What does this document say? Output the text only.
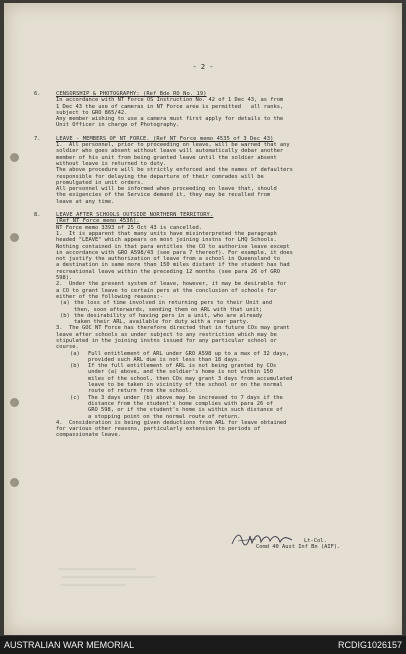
- 2 -
6.	CENSORSHIP & PHOTOGRAPHY: (Ref Bde RO No. 19)
In accordance with NT Force OS Instruction No. 42 of 1 Dec 43, as from
1 Dec 43 the use of cameras in NT Force area is permitted   all ranks,
subject to GRO 865/42.
Any member wishing to use a camera must first apply for details to the
Unit Officer in charge of Photography.
7.	LEAVE - MEMBERS OF NT FORCE. (Ref NT Force memo 4535 of 3 Dec 43)
1.  All personnel, prior to proceeding on leave, will be warned that any
soldier who goes absent without leave will automatically debar another
member of his unit from being granted leave until the soldier absent
without leave is returned to duty.
The above procedure will be strictly enforced and the names of defaulters
responsible for delaying the departure of their comrades will be
promulgated in unit orders.
All personnel will be informed when proceeding on leave that, should
the exigencies of the Service demand it, they may be recalled from
leave at any time.
8.	LEAVE AFTER SCHOOLS OUTSIDE NORTHERN TERRITORY.
(Ref NT Force memo 4536).
NT Force memo 3393 of 25 Oct 43 is cancelled.
1.  It is apparent that many units have misinterpreted the paragraph
headed "LEAVE" which appears on most joining instns for LHQ Schools.
Nothing contained in that para entitles the CO to authorise leave except
in accordance with GRO A598/43 (see para 7 thereof). For example, it does
not justify the authorization of leave from a school in Queensland to
a destination in same more than 150 miles distant if the student has had
recreational leave within the preceding 12 months (see para 26 of GRO
598).
2.  Under the present system of leave, however, it may be desirable for
a CO to grant leave to certain pers at the conclusion of schools for
either of the following reasons:-
(a) the loss of time involved in returning pers to their Unit and
then, soon afterwards, sending them on ARL with that unit;
(b) the desirability of having pers in a unit, who are already
taken their ARL, available for duty with a rear party.
3.  The GOC NT Force has therefore directed that in future COs may grant
leave after schools as under subject to any restriction which may be
stipulated in the joining instns issued for any particular school or
course.
(a) Full entitlement of ARL under GRO A598 up to a max of 32 days,
provided such ARL due is not less than 18 days.
(b) If the full entitlement of ARL is not being granted by COs
under (a) above, and the soldier's home is not within 150
miles of the school, then COs may grant 3 days from accumulated
leave to be taken in vicinity of the school or on the normal
route of return from the school.
(c) The 3 days under (b) above may be increased to 7 days if the
distance from the student's home complies with para 26 of
GRO 598, or if the student's home is within such distance of
a stopping point on the normal route of return.
4.  Consideration is being given deductions from ARL for leave obtained
for various other reasons, particularly extension to periods of
compassionate leave.
Lt-Col.
Comd 40 Aust Inf Bn (AIF).
AUSTRALIAN WAR MEMORIAL	RCDIG1026157
